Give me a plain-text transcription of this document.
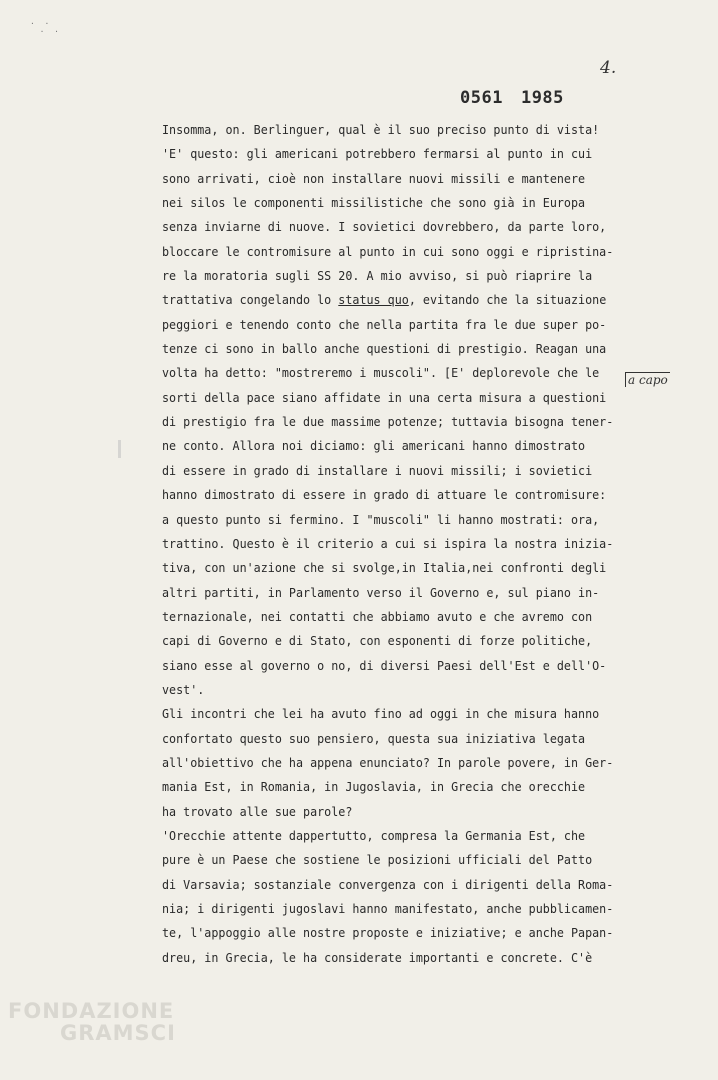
·  ·
·  ·
4.
0561 1985
Insomma, on. Berlinguer, qual è il suo preciso punto di vista!
'E' questo: gli americani potrebbero fermarsi al punto in cui
sono arrivati, cioè non installare nuovi missili e mantenere
nei silos le componenti missilistiche che sono già in Europa
senza inviarne di nuove. I sovietici dovrebbero, da parte loro,
bloccare le contromisure al punto in cui sono oggi e ripristina-
re la moratoria sugli SS 20. A mio avviso, si può riaprire la
trattativa congelando lo status quo, evitando che la situazione
peggiori e tenendo conto che nella partita fra le due super po-
tenze ci sono in ballo anche questioni di prestigio. Reagan una
volta ha detto: "mostreremo i muscoli". [E' deplorevole che le
sorti della pace siano affidate in una certa misura a questioni
di prestigio fra le due massime potenze; tuttavia bisogna tener-
ne conto. Allora noi diciamo: gli americani hanno dimostrato
di essere in grado di installare i nuovi missili; i sovietici
hanno dimostrato di essere in grado di attuare le contromisure:
a questo punto si fermino. I "muscoli" li hanno mostrati: ora,
trattino. Questo è il criterio a cui si ispira la nostra inizia-
tiva, con un'azione che si svolge,in Italia,nei confronti degli
altri partiti, in Parlamento verso il Governo e, sul piano in-
ternazionale, nei contatti che abbiamo avuto e che avremo con
capi di Governo e di Stato, con esponenti di forze politiche,
siano esse al governo o no, di diversi Paesi dell'Est e dell'O-
vest'.
Gli incontri che lei ha avuto fino ad oggi in che misura hanno
confortato questo suo pensiero, questa sua iniziativa legata
all'obiettivo che ha appena enunciato? In parole povere, in Ger-
mania Est, in Romania, in Jugoslavia, in Grecia che orecchie
ha trovato alle sue parole?
'Orecchie attente dappertutto, compresa la Germania Est, che
pure è un Paese che sostiene le posizioni ufficiali del Patto
di Varsavia; sostanziale convergenza con i dirigenti della Roma-
nia; i dirigenti jugoslavi hanno manifestato, anche pubblicamen-
te, l'appoggio alle nostre proposte e iniziative; e anche Papan-
dreu, in Grecia, le ha considerate importanti e concrete. C'è
a capo
FONDAZIONE
GRAMSCI
